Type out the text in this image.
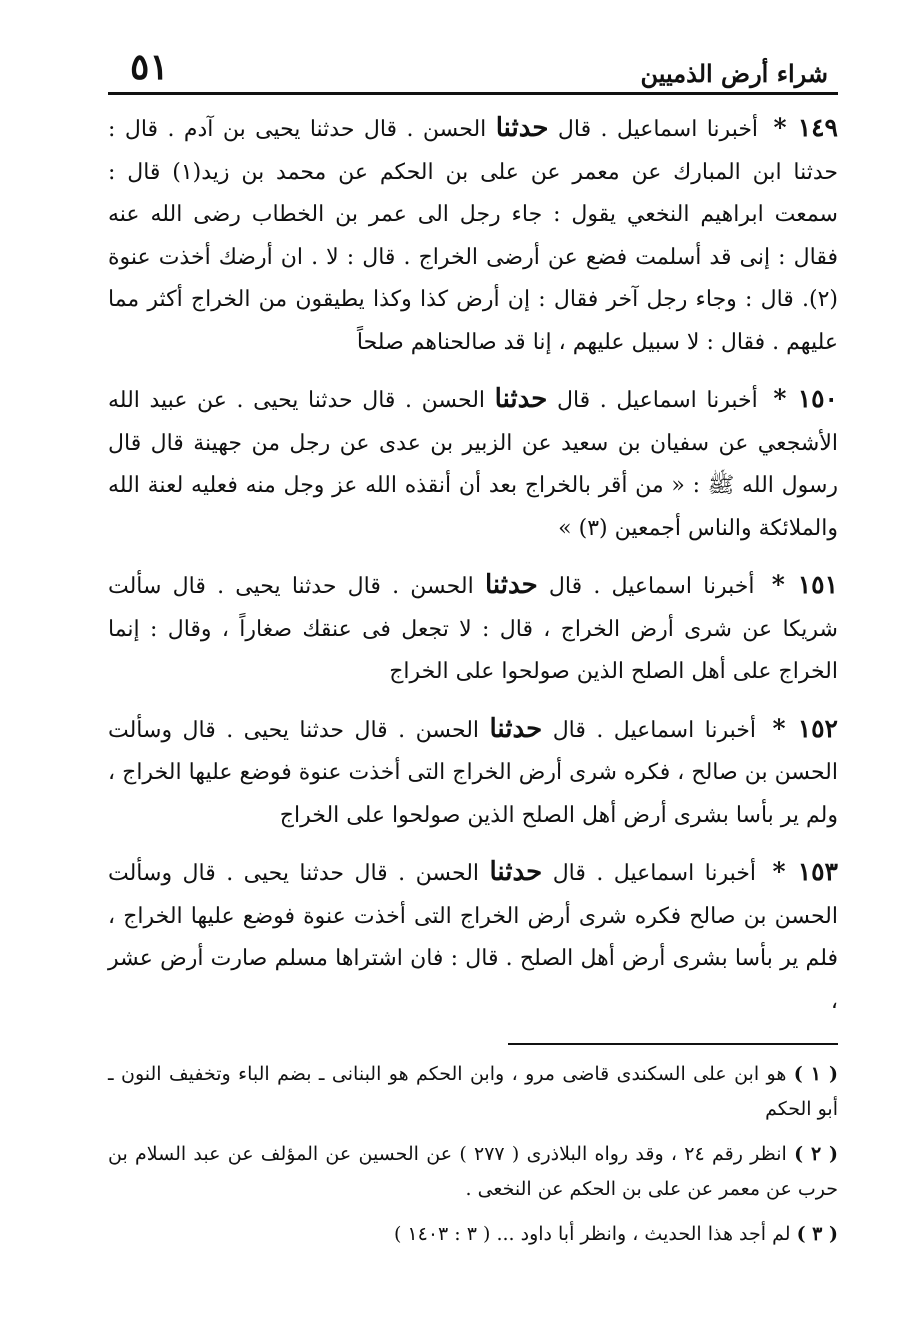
شراء أرض الذميين
٥١

١٤٩ * أخبرنا اسماعيل . قال حدثنا الحسن . قال حدثنا يحيى بن آدم . قال : حدثنا ابن المبارك عن معمر عن على بن الحكم عن محمد بن زيد(١) قال : سمعت ابراهيم النخعي يقول : جاء رجل الى عمر بن الخطاب رضى الله عنه فقال : إنى قد أسلمت فضع عن أرضى الخراج . قال : لا . ان أرضك أخذت عنوة (٢). قال : وجاء رجل آخر فقال : إن أرض كذا وكذا يطيقون من الخراج أكثر مما عليهم . فقال : لا سبيل عليهم ، إنا قد صالحناهم صلحاً

١٥٠ * أخبرنا اسماعيل . قال حدثنا الحسن . قال حدثنا يحيى . عن عبيد الله الأشجعي عن سفيان بن سعيد عن الزبير بن عدى عن رجل من جهينة قال قال رسول الله ﷺ : « من أقر بالخراج بعد أن أنقذه الله عز وجل منه فعليه لعنة الله والملائكة والناس أجمعين (٣) »

١٥١ * أخبرنا اسماعيل . قال حدثنا الحسن . قال حدثنا يحيى . قال سألت شريكا عن شرى أرض الخراج ، قال : لا تجعل فى عنقك صغاراً ، وقال : إنما الخراج على أهل الصلح الذين صولحوا على الخراج

١٥٢ * أخبرنا اسماعيل . قال حدثنا الحسن . قال حدثنا يحيى . قال وسألت الحسن بن صالح ، فكره شرى أرض الخراج التى أخذت عنوة فوضع عليها الخراج ، ولم ير بأسا بشرى أرض أهل الصلح الذين صولحوا على الخراج

١٥٣ * أخبرنا اسماعيل . قال حدثنا الحسن . قال حدثنا يحيى . قال وسألت الحسن بن صالح فكره شرى أرض الخراج التى أخذت عنوة فوضع عليها الخراج ، فلم ير بأسا بشرى أرض أهل الصلح . قال : فان اشتراها مسلم صارت أرض عشر ،

( ١ ) هو ابن على السكندى قاضى مرو ، وابن الحكم هو البنانى ـ بضم الباء وتخفيف النون ـ أبو الحكم

( ٢ ) انظر رقم ٢٤ ، وقد رواه البلاذرى ( ٢٧٧ ) عن الحسين عن المؤلف عن عبد السلام بن حرب عن معمر عن على بن الحكم عن النخعى .

( ٣ ) لم أجد هذا الحديث ، وانظر أبا داود ... ( ٣ : ١٤٠٣ )
